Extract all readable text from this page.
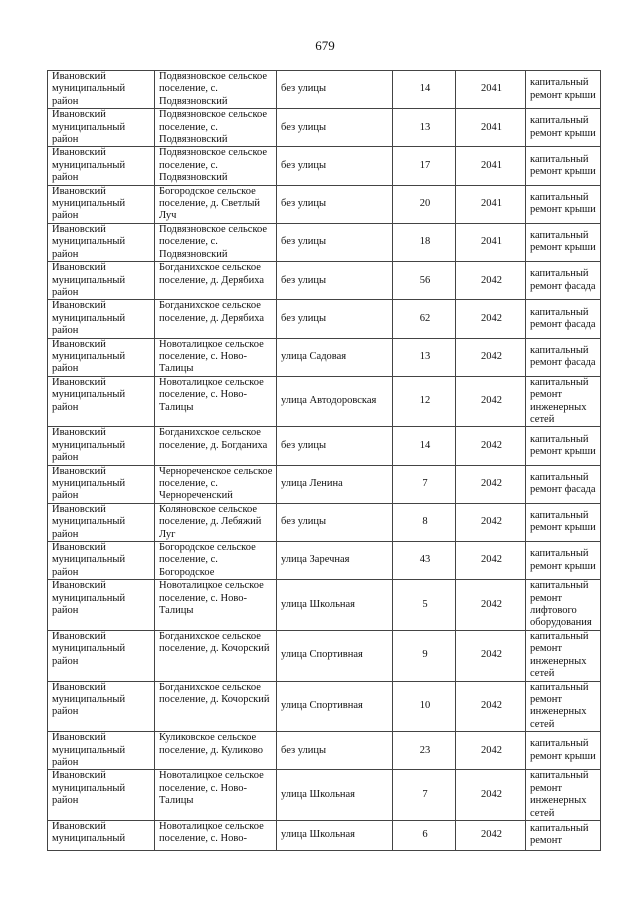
679
Ивановский муниципальный район	Подвязновское сельское поселение, с. Подвязновский	без улицы	14	2041	капитальный ремонт крыши
Ивановский муниципальный район	Подвязновское сельское поселение, с. Подвязновский	без улицы	13	2041	капитальный ремонт крыши
Ивановский муниципальный район	Подвязновское сельское поселение, с. Подвязновский	без улицы	17	2041	капитальный ремонт крыши
Ивановский муниципальный район	Богородское сельское поселение, д. Светлый Луч	без улицы	20	2041	капитальный ремонт крыши
Ивановский муниципальный район	Подвязновское сельское поселение, с. Подвязновский	без улицы	18	2041	капитальный ремонт крыши
Ивановский муниципальный район	Богданихское сельское поселение, д. Дерябиха	без улицы	56	2042	капитальный ремонт фасада
Ивановский муниципальный район	Богданихское сельское поселение, д. Дерябиха	без улицы	62	2042	капитальный ремонт фасада
Ивановский муниципальный район	Новоталицкое сельское поселение, с. Ново-Талицы	улица Садовая	13	2042	капитальный ремонт фасада
Ивановский муниципальный район	Новоталицкое сельское поселение, с. Ново-Талицы	улица Автодоровская	12	2042	капитальный ремонт инженерных сетей
Ивановский муниципальный район	Богданихское сельское поселение, д. Богданиха	без улицы	14	2042	капитальный ремонт крыши
Ивановский муниципальный район	Чернореченское сельское поселение, с. Чернореченский	улица Ленина	7	2042	капитальный ремонт фасада
Ивановский муниципальный район	Коляновское сельское поселение, д. Лебяжий Луг	без улицы	8	2042	капитальный ремонт крыши
Ивановский муниципальный район	Богородское сельское поселение, с. Богородское	улица Заречная	43	2042	капитальный ремонт крыши
Ивановский муниципальный район	Новоталицкое сельское поселение, с. Ново-Талицы	улица Школьная	5	2042	капитальный ремонт лифтового оборудования
Ивановский муниципальный район	Богданихское сельское поселение, д. Кочорский	улица Спортивная	9	2042	капитальный ремонт инженерных сетей
Ивановский муниципальный район	Богданихское сельское поселение, д. Кочорский	улица Спортивная	10	2042	капитальный ремонт инженерных сетей
Ивановский муниципальный район	Куликовское сельское поселение, д. Куликово	без улицы	23	2042	капитальный ремонт крыши
Ивановский муниципальный район	Новоталицкое сельское поселение, с. Ново-Талицы	улица Школьная	7	2042	капитальный ремонт инженерных сетей
Ивановский муниципальный	Новоталицкое сельское поселение, с. Ново-	улица Школьная	6	2042	капитальный ремонт
